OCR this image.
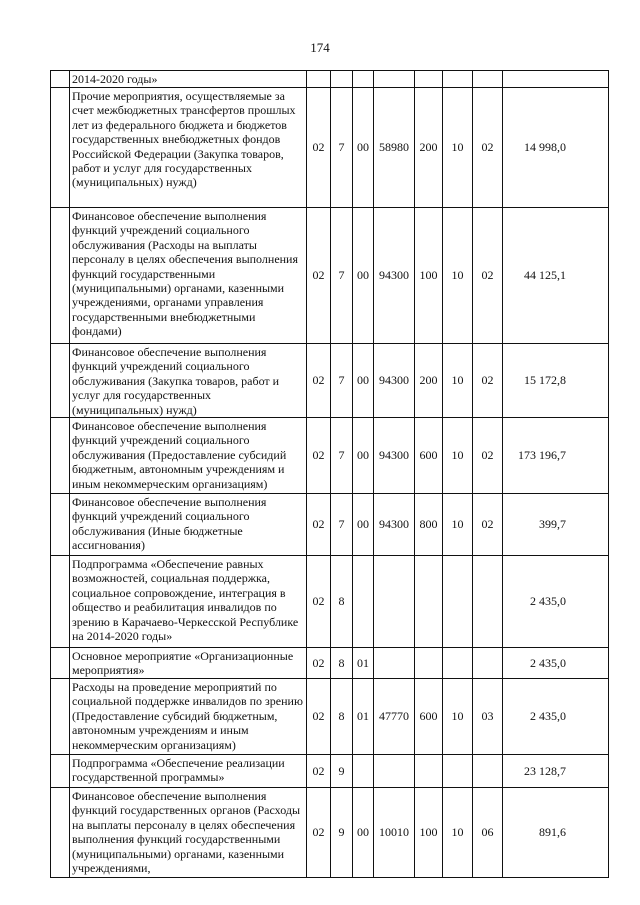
174
	2014-2020 годы»								
	Прочие мероприятия, осуществляемые за счет межбюджетных трансфертов прошлых лет из федерального бюджета и бюджетов государственных внебюджетных фондов Российской Федерации (Закупка товаров, работ и услуг для государственных (муниципальных) нужд)	02	7	00	58980	200	10	02	14 998,0
	Финансовое обеспечение выполнения функций учреждений социального обслуживания (Расходы на выплаты персоналу в целях обеспечения выполнения функций государственными (муниципальными) органами, казенными учреждениями, органами управления государственными внебюджетными фондами)	02	7	00	94300	100	10	02	44 125,1
	Финансовое обеспечение выполнения функций учреждений социального обслуживания (Закупка товаров, работ и услуг для государственных (муниципальных) нужд)	02	7	00	94300	200	10	02	15 172,8
	Финансовое обеспечение выполнения функций учреждений социального обслуживания (Предоставление субсидий бюджетным, автономным учреждениям и иным некоммерческим организациям)	02	7	00	94300	600	10	02	173 196,7
	Финансовое обеспечение выполнения функций учреждений социального обслуживания (Иные бюджетные ассигнования)	02	7	00	94300	800	10	02	399,7
	Подпрограмма «Обеспечение равных возможностей, социальная поддержка, социальное сопровождение, интеграция в общество и реабилитация инвалидов по зрению в Карачаево-Черкесской Республике на 2014-2020 годы»	02	8						2 435,0
	Основное мероприятие «Организационные мероприятия»	02	8	01					2 435,0
	Расходы на проведение мероприятий по социальной поддержке инвалидов по зрению (Предоставление субсидий бюджетным, автономным учреждениям и иным некоммерческим организациям)	02	8	01	47770	600	10	03	2 435,0
	Подпрограмма «Обеспечение реализации государственной программы»	02	9						23 128,7
	Финансовое обеспечение выполнения функций государственных органов (Расходы на выплаты персоналу в целях обеспечения выполнения функций государственными (муниципальными) органами, казенными учреждениями,	02	9	00	10010	100	10	06	891,6
